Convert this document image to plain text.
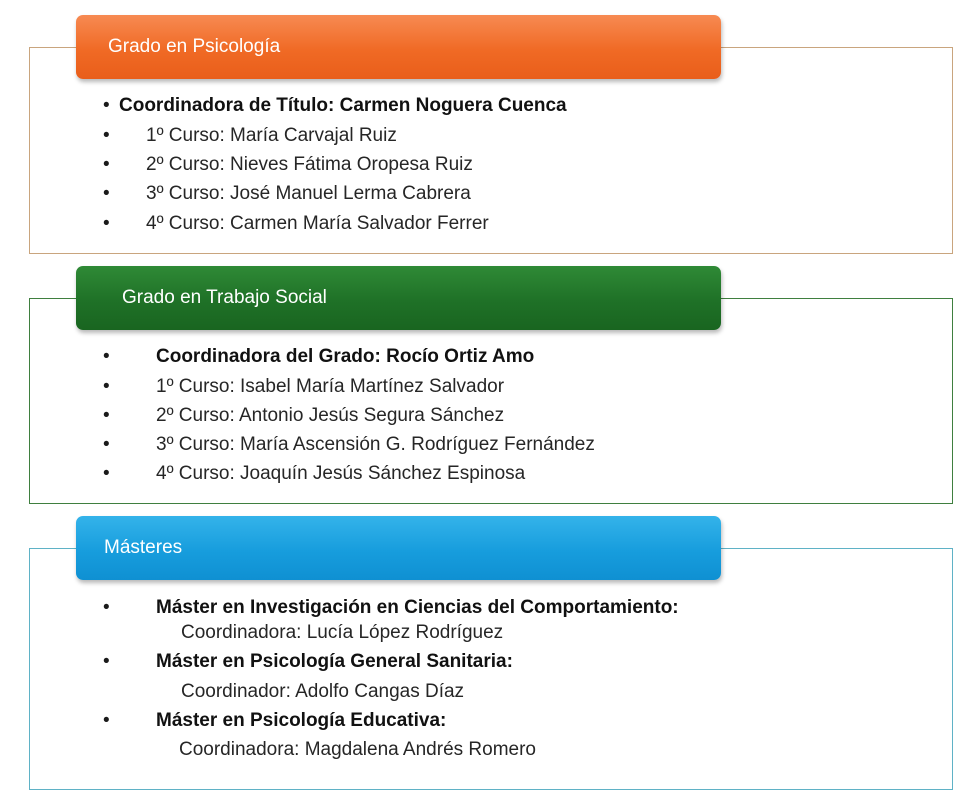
Grado en Psicología
• Coordinadora de Título: Carmen Noguera Cuenca
• 1º Curso: María Carvajal Ruiz
• 2º Curso: Nieves Fátima Oropesa Ruiz
• 3º Curso: José Manuel Lerma Cabrera
• 4º Curso: Carmen María Salvador Ferrer
Grado en Trabajo Social
• Coordinadora del Grado: Rocío Ortiz Amo
• 1º Curso: Isabel María Martínez Salvador
• 2º Curso: Antonio Jesús Segura Sánchez
• 3º Curso: María Ascensión G. Rodríguez Fernández
• 4º Curso: Joaquín Jesús Sánchez Espinosa
Másteres
• Máster en Investigación en Ciencias del Comportamiento:
Coordinadora: Lucía López Rodríguez
• Máster en Psicología General Sanitaria:
Coordinador: Adolfo Cangas Díaz
• Máster en Psicología Educativa:
Coordinadora: Magdalena Andrés Romero
